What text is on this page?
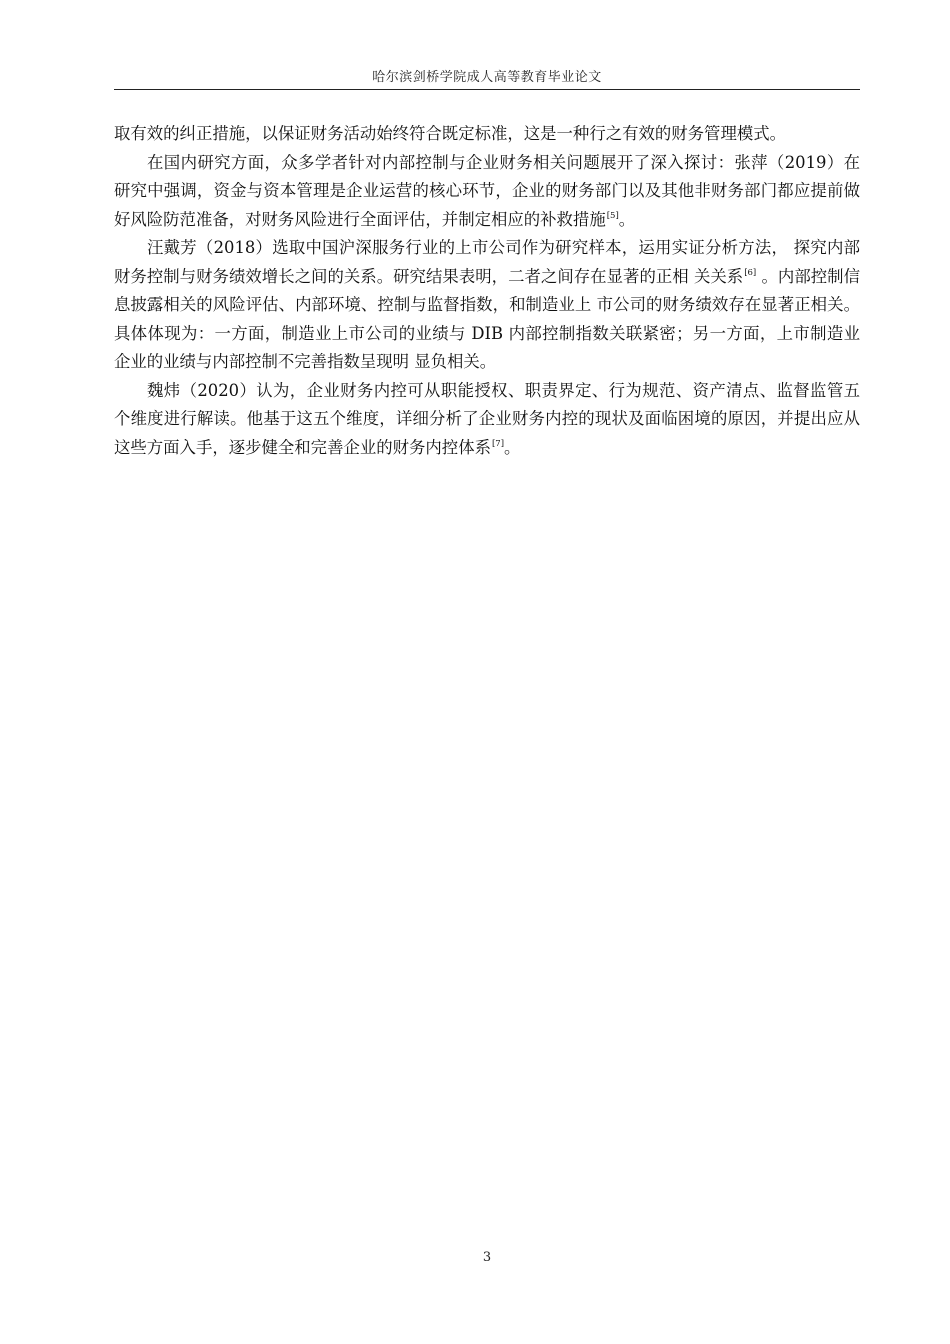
哈尔滨剑桥学院成人高等教育毕业论文

取有效的纠正措施，以保证财务活动始终符合既定标准，这是一种行之有效的财务管理模式。

在国内研究方面，众多学者针对内部控制与企业财务相关问题展开了深入探讨：张萍（2019）在研究中强调，资金与资本管理是企业运营的核心环节，企业的财务部门以及其他非财务部门都应提前做好风险防范准备，对财务风险进行全面评估，并制定相应的补救措施[5]。

汪戴芳（2018）选取中国沪深服务行业的上市公司作为研究样本，运用实证分析方法， 探究内部财务控制与财务绩效增长之间的关系。研究结果表明，二者之间存在显著的正相 关关系[6] 。内部控制信息披露相关的风险评估、内部环境、控制与监督指数，和制造业上 市公司的财务绩效存在显著正相关。具体体现为：一方面，制造业上市公司的业绩与 DIB 内部控制指数关联紧密；另一方面，上市制造业企业的业绩与内部控制不完善指数呈现明 显负相关。

魏炜（2020）认为，企业财务内控可从职能授权、职责界定、行为规范、资产清点、监督监管五个维度进行解读。他基于这五个维度，详细分析了企业财务内控的现状及面临困境的原因，并提出应从这些方面入手，逐步健全和完善企业的财务内控体系[7]。

3
